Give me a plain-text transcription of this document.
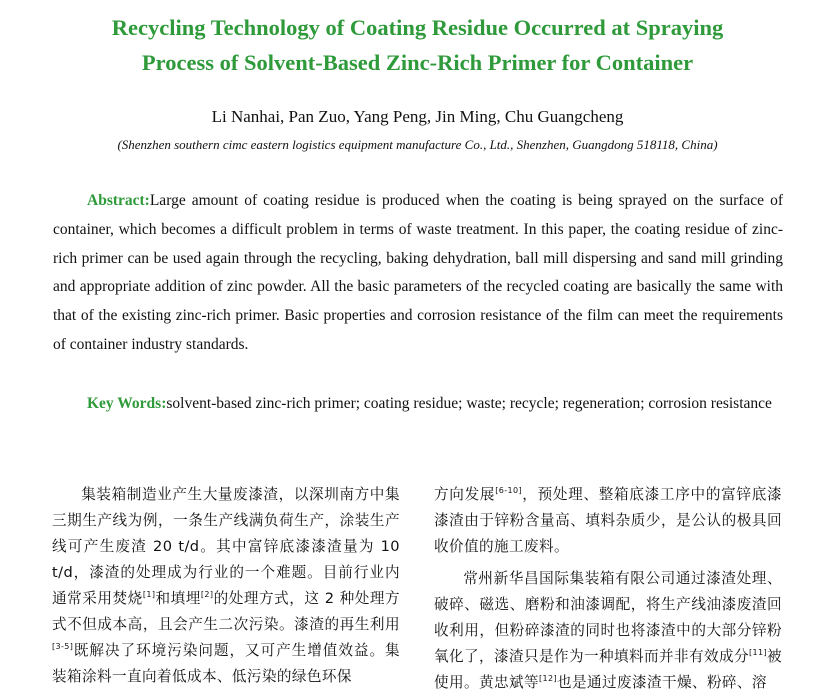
Recycling Technology of Coating Residue Occurred at Spraying
Process of Solvent-Based Zinc-Rich Primer for Container
Li Nanhai, Pan Zuo, Yang Peng, Jin Ming, Chu Guangcheng
(Shenzhen southern cimc eastern logistics equipment manufacture Co., Ltd., Shenzhen, Guangdong 518118, China)
Abstract:Large amount of coating residue is produced when the coating is being sprayed on the surface of container, which becomes a difficult problem in terms of waste treatment. In this paper, the coating residue of zinc-rich primer can be used again through the recycling, baking dehydration, ball mill dispersing and sand mill grinding and appropriate addition of zinc powder. All the basic parameters of the recycled coating are basically the same with that of the existing zinc-rich primer. Basic properties and corrosion resistance of the film can meet the requirements of container industry standards.
Key Words:solvent-based zinc-rich primer; coating residue; waste; recycle; regeneration; corrosion resistance

集装箱制造业产生大量废漆渣，以深圳南方中集三期生产线为例，一条生产线满负荷生产，涂装生产线可产生废渣 20 t/d。其中富锌底漆漆渣量为 10 t/d，漆渣的处理成为行业的一个难题。目前行业内通常采用焚烧[1]和填埋[2]的处理方式，这 2 种处理方式不但成本高，且会产生二次污染。漆渣的再生利用[3-5]既解决了环境污染问题，又可产生增值效益。集装箱涂料一直向着低成本、低污染的绿色环保

方向发展[6-10]，预处理、整箱底漆工序中的富锌底漆漆渣由于锌粉含量高、填料杂质少，是公认的极具回收价值的施工废料。

常州新华昌国际集装箱有限公司通过漆渣处理、破碎、磁选、磨粉和油漆调配，将生产线油漆废渣回收利用，但粉碎漆渣的同时也将漆渣中的大部分锌粉氧化了，漆渣只是作为一种填料而并非有效成分[11]被使用。黄忠斌等[12]也是通过废漆渣干燥、粉碎、溶
